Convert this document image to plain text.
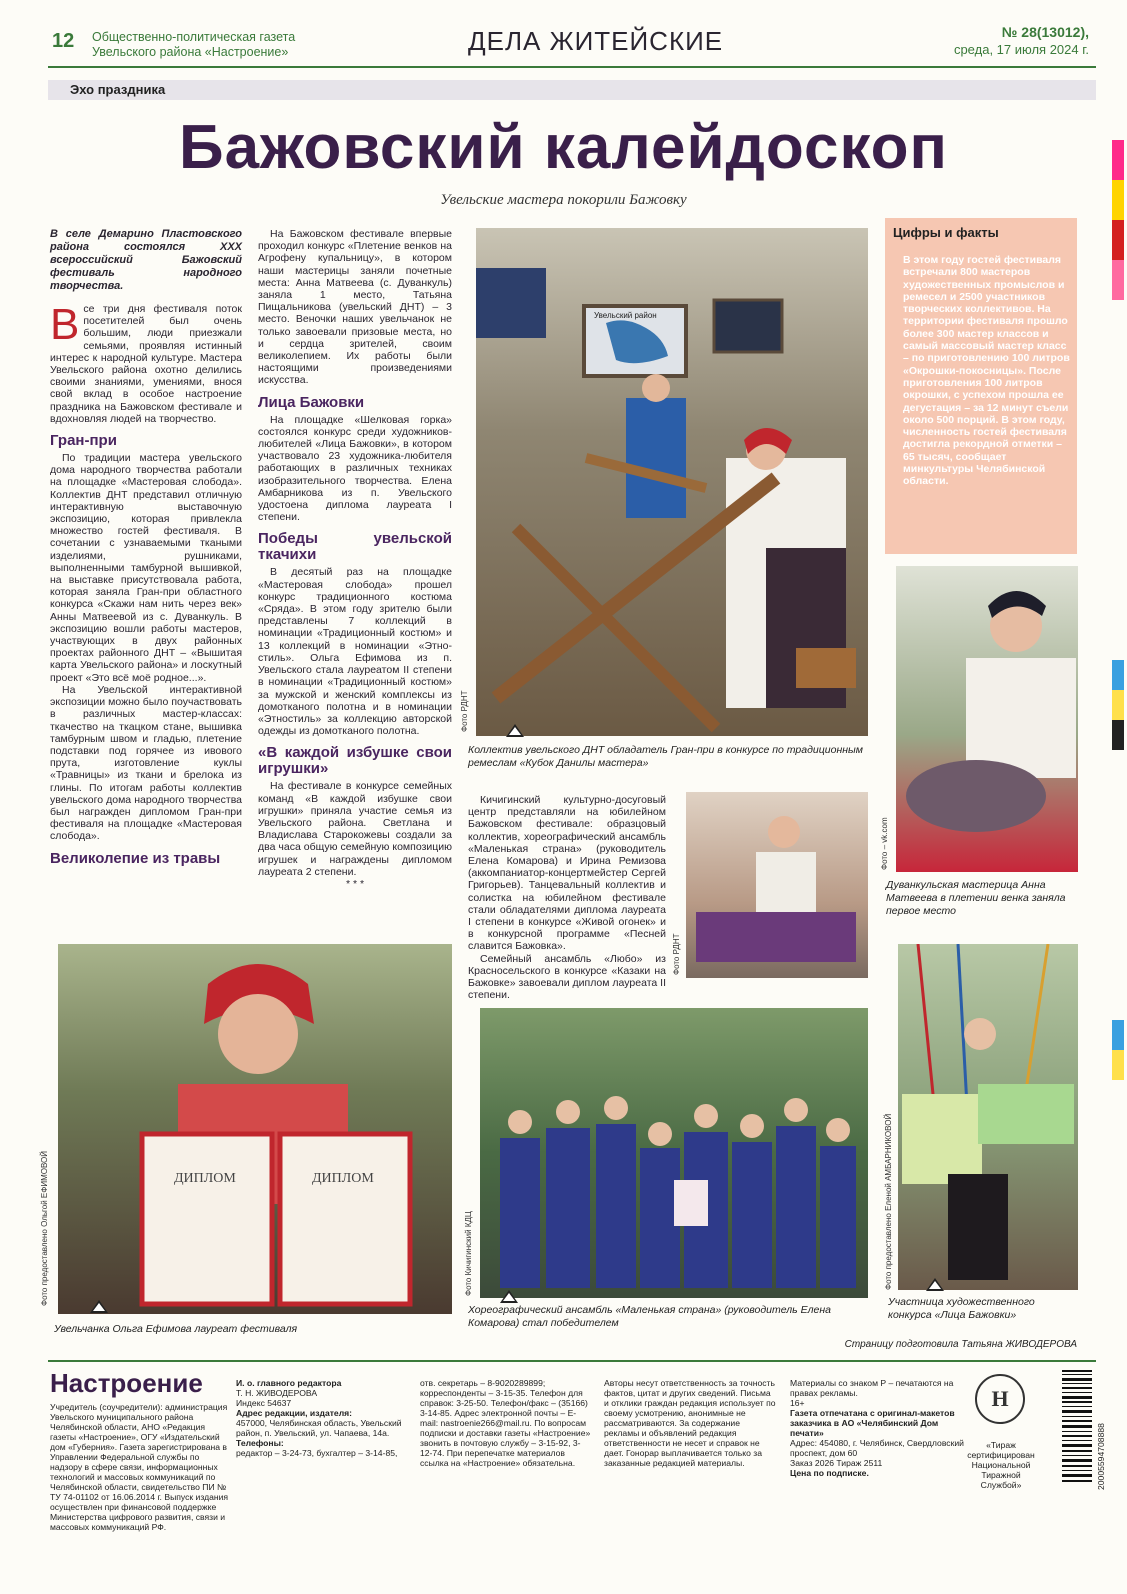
12 Общественно-политическая газета
Увельского района «Настроение»	ДЕЛА ЖИТЕЙСКИЕ	№ 28(13012),
среда, 17 июля 2024 г.
Эхо праздника
Бажовский калейдоскоп
Увельские мастера покорили Бажовку
В селе Демарино Пластовского района состоялся XXX всероссийский Бажовский фестиваль народного творчества.
Все три дня фестиваля поток посетителей был очень большим, люди приезжали семьями, проявляя истинный интерес к народной культуре. Мастера Увельского района охотно делились своими знаниями, умениями, внося свой вклад в особое настроение праздника на Бажовском фестивале и вдохновляя людей на творчество.
Гран-при

По традиции мастера увельского дома народного творчества работали на площадке «Мастеровая слобода». Коллектив ДНТ представил отличную интерактивную выставочную экспозицию, которая привлекла множество гостей фестиваля. В сочетании с узнаваемыми ткаными изделиями, рушниками, выполненными тамбурной вышивкой, на выставке присутствовала работа, которая заняла Гран-при областного конкурса «Скажи нам нить через век» Анны Матвеевой из с. Дуванкуль. В экспозицию вошли работы мастеров, участвующих в двух районных проектах районного ДНТ – «Вышитая карта Увельского района» и лоскутный проект «Это всё моё родное...».

На Увельской интерактивной экспозиции можно было поучаствовать в различных мастер-классах: ткачество на ткацком стане, вышивка тамбурным швом и гладью, плетение подставки под горячее из ивового прута, изготовление куклы «Травницы» из ткани и брелока из глины. По итогам работы коллектив увельского дома народного творчества был награжден дипломом Гран-при фестиваля на площадке «Мастеровая слобода».

Великолепие из травы

На Бажовском фестивале впервые проходил конкурс «Плетение венков на Агрофену купальницу», в котором наши мастерицы заняли почетные места: Анна Матвеева (с. Дуванкуль) заняла 1 место, Татьяна Пищальникова (увельский ДНТ) – 3 место. Веночки наших увельчанок не только завоевали призовые места, но и сердца зрителей, своим великолепием. Их работы были настоящими произведениями искусства.

Лица Бажовки

На площадке «Шелковая горка» состоялся конкурс среди художников-любителей «Лица Бажовки», в котором участвовало 23 художника-любителя работающих в различных техниках изобразительного творчества. Елена Амбарникова из п. Увельского удостоена диплома лауреата I степени.

Победы увельской ткачихи

В десятый раз на площадке «Мастеровая слобода» прошел конкурс традиционного костюма «Сряда». В этом году зрителю были представлены 7 коллекций в номинации «Традиционный костюм» и 13 коллекций в номинации «Этно-стиль». Ольга Ефимова из п. Увельского стала лауреатом II степени в номинации «Традиционный костюм» за мужской и женский комплексы из домотканого полотна и в номинации «Этностиль» за коллекцию авторской одежды из домотканого полотна.

«В каждой избушке свои игрушки»

На фестивале в конкурсе семейных команд «В каждой избушке свои игрушки» приняла участие семья из Увельского района. Светлана и Владислава Старокожевы создали за два часа общую семейную композицию игрушек и награждены дипломом лауреата 2 степени.

* * *

Кичигинский культурно-досуговый центр представляли на юбилейном Бажовском фестивале: образцовый коллектив, хореографический ансамбль «Маленькая страна» (руководитель Елена Комарова) и Ирина Ремизова (аккомпаниатор-концертмейстер Сергей Григорьев). Танцевальный коллектив и солистка на юбилейном фестивале стали обладателями диплома лауреата I степени в конкурсе «Живой огонек» и в конкурсной программе «Песней славится Бажовка».

Семейный ансамбль «Любо» из Красносельского в конкурсе «Казаки на Бажовке» завоевали диплом лауреата II степени.

Цифры и факты
В этом году гостей фестиваля встречали 800 мастеров художественных промыслов и ремесел и 2500 участников творческих коллективов. На территории фестиваля прошло более 300 мастер классов и самый массовый мастер класс – по приготовлению 100 литров «Окрошки-покосницы». После приготовления 100 литров окрошки, с успехом прошла ее дегустация – за 12 минут съели около 500 порций. В этом году, численность гостей фестиваля достигла рекордной отметки – 65 тысяч, сообщает минкультуры Челябинской области.
Увельский район
Фото РДНТ
Коллектив увельского ДНТ обладатель Гран-при в конкурсе по традиционным ремеслам «Кубок Данилы мастера»
Фото – vk.com
Дуванкульская мастерица Анна Матвеева в плетении венка заняла первое место
Фото РДНТ
ДИПЛОМ	ДИПЛОМ
Фото предоставлено Ольгой ЕФИМОВОЙ
Увельчанка Ольга Ефимова лауреат фестиваля
Фото Кичигинский КДЦ
Хореографический ансамбль «Маленькая страна» (руководитель Елена Комарова) стал победителем
Фото предоставлено Еленой АМБАРНИКОВОЙ
Участница художественного конкурса «Лица Бажовки»
Страницу подготовила Татьяна ЖИВОДЕРОВА
Настроение
Учредитель (соучредители): администрация Увельского муниципального района Челябинской области, АНО «Редакция газеты «Настроение», ОГУ «Издательский дом «Губерния». Газета зарегистрирована в Управлении Федеральной службы по надзору в сфере связи, информационных технологий и массовых коммуникаций по Челябинской области, свидетельство ПИ № ТУ 74-01102 от 16.06.2014 г. Выпуск издания осуществлен при финансовой поддержке Министерства цифрового развития, связи и массовых коммуникаций РФ.
И. о. главного редактора
Т. Н. ЖИВОДЕРОВА
Индекс 54637
Адрес редакции, издателя:
457000, Челябинская область, Увельский район, п. Увельский, ул. Чапаева, 14а.
Телефоны:
редактор – 3-24-73, бухгалтер – 3-14-85,
отв. секретарь – 8-9020289899; корреспонденты – 3-15-35. Телефон для справок: 3-25-50. Телефон/факс – (35166) 3-14-85. Адрес электронной почты – E-mail: nastroenie266@mail.ru. По вопросам подписки и доставки газеты «Настроение» звонить в почтовую службу – 3-15-92, 3-12-74. При перепечатке материалов ссылка на «Настроение» обязательна.
Авторы несут ответственность за точность фактов, цитат и других сведений. Письма и отклики граждан редакция использует по своему усмотрению, анонимные не рассматриваются. За содержание рекламы и объявлений редакция ответственности не несет и справок не дает. Гонорар выплачивается только за заказанные редакцией материалы.
Материалы со знаком Р – печатаются на правах рекламы.
16+
Газета отпечатана с оригинал-макетов заказчика в АО «Челябинский Дом печати»
Адрес: 454080, г. Челябинск, Свердловский проспект, дом 60
Заказ 2026 Тираж 2511
Цена по подписке.
Н
«Тираж сертифицирован Национальной Тиражной Службой»	20005594708888
